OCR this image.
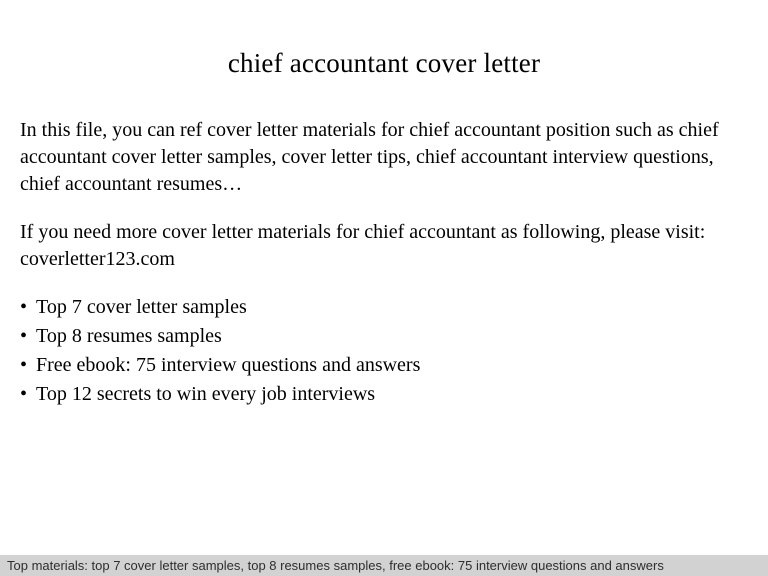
chief accountant cover letter

In this file, you can ref cover letter materials for chief accountant position such as chief accountant cover letter samples, cover letter tips, chief accountant interview questions, chief accountant resumes…

If you need more cover letter materials for chief accountant as following, please visit: coverletter123.com

• Top 7 cover letter samples
• Top 8 resumes samples
• Free ebook: 75 interview questions and answers
• Top 12 secrets to win every job interviews
Top materials: top 7 cover letter samples, top 8 resumes samples, free ebook: 75 interview questions and answers
